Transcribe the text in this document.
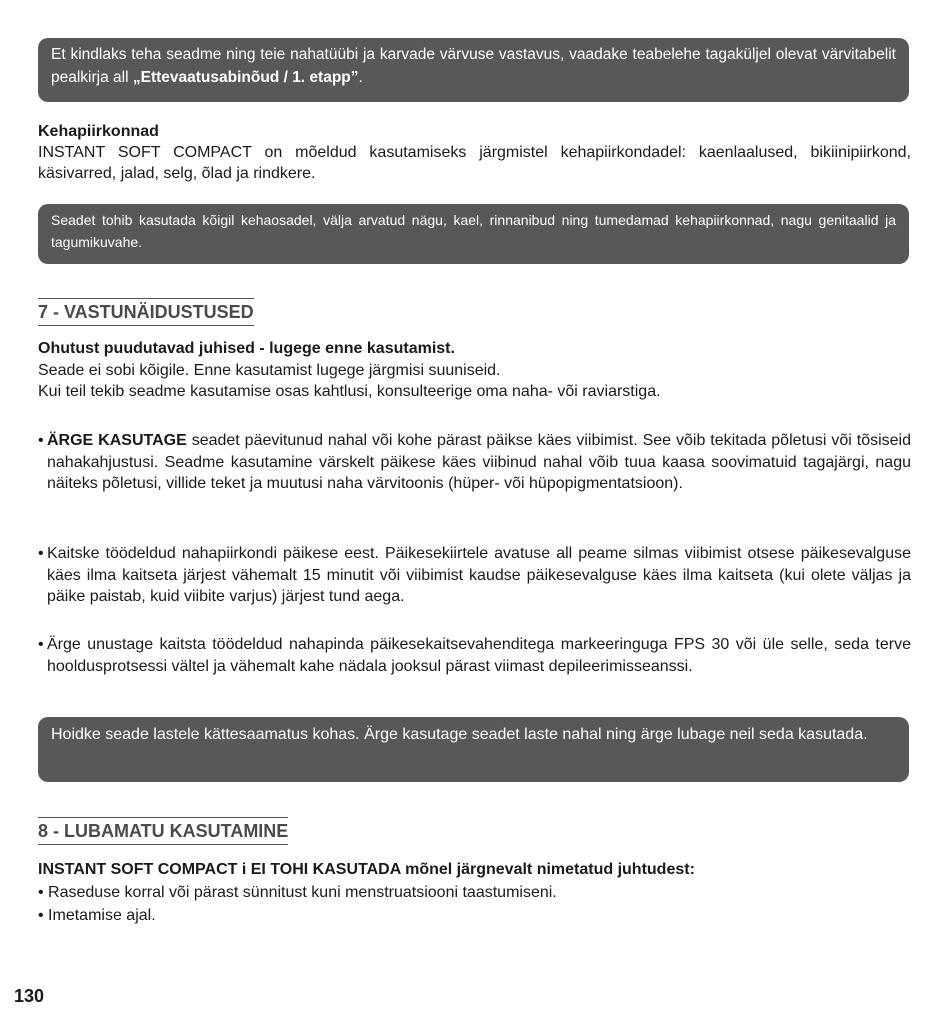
Et kindlaks teha seadme ning teie nahatüübi ja karvade värvuse vastavus, vaadake teabelehe tagaküljel olevat värvitabelit pealkirja all „Ettevaatusabinõud / 1. etapp”.

Kehapiirkonnad

INSTANT SOFT COMPACT on mõeldud kasutamiseks järgmistel kehapiirkondadel: kaenlaalused, bikiinipiirkond, käsivarred, jalad, selg, õlad ja rindkere.

Seadet tohib kasutada kõigil kehaosadel, välja arvatud nägu, kael, rinnanibud ning tumedamad kehapiirkonnad, nagu genitaalid ja tagumikuvahe.

7 - VASTUNÄIDUSTUSED

Ohutust puudutavad juhised - lugege enne kasutamist.

Seade ei sobi kõigile. Enne kasutamist lugege järgmisi suuniseid.

Kui teil tekib seadme kasutamise osas kahtlusi, konsulteerige oma naha- või raviarstiga.

• ÄRGE KASUTAGE seadet päevitunud nahal või kohe pärast päikse käes viibimist. See võib tekitada põletusi või tõsiseid nahakahjustusi. Seadme kasutamine värskelt päikese käes viibinud nahal võib tuua kaasa soovimatuid tagajärgi, nagu näiteks põletusi, villide teket ja muutusi naha värvitoonis (hüper- või hüpopigmentatsioon).
• Kaitske töödeldud nahapiirkondi päikese eest. Päikesekiirtele avatuse all peame silmas viibimist otsese päikesevalguse käes ilma kaitseta järjest vähemalt 15 minutit või viibimist kaudse päikesevalguse käes ilma kaitseta (kui olete väljas ja päike paistab, kuid viibite varjus) järjest tund aega.
• Ärge unustage kaitsta töödeldud nahapinda päikesekaitsevahenditega markeeringuga FPS 30 või üle selle, seda terve hooldusprotsessi vältel ja vähemalt kahe nädala jooksul pärast viimast depileerimisseanssi.

Hoidke seade lastele kättesaamatus kohas. Ärge kasutage seadet laste nahal ning ärge lubage neil seda kasutada.

8 - LUBAMATU KASUTAMINE

INSTANT SOFT COMPACT i EI TOHI KASUTADA mõnel järgnevalt nimetatud juhtudest:

• Raseduse korral või pärast sünnitust kuni menstruatsiooni taastumiseni.

• Imetamise ajal.

130
